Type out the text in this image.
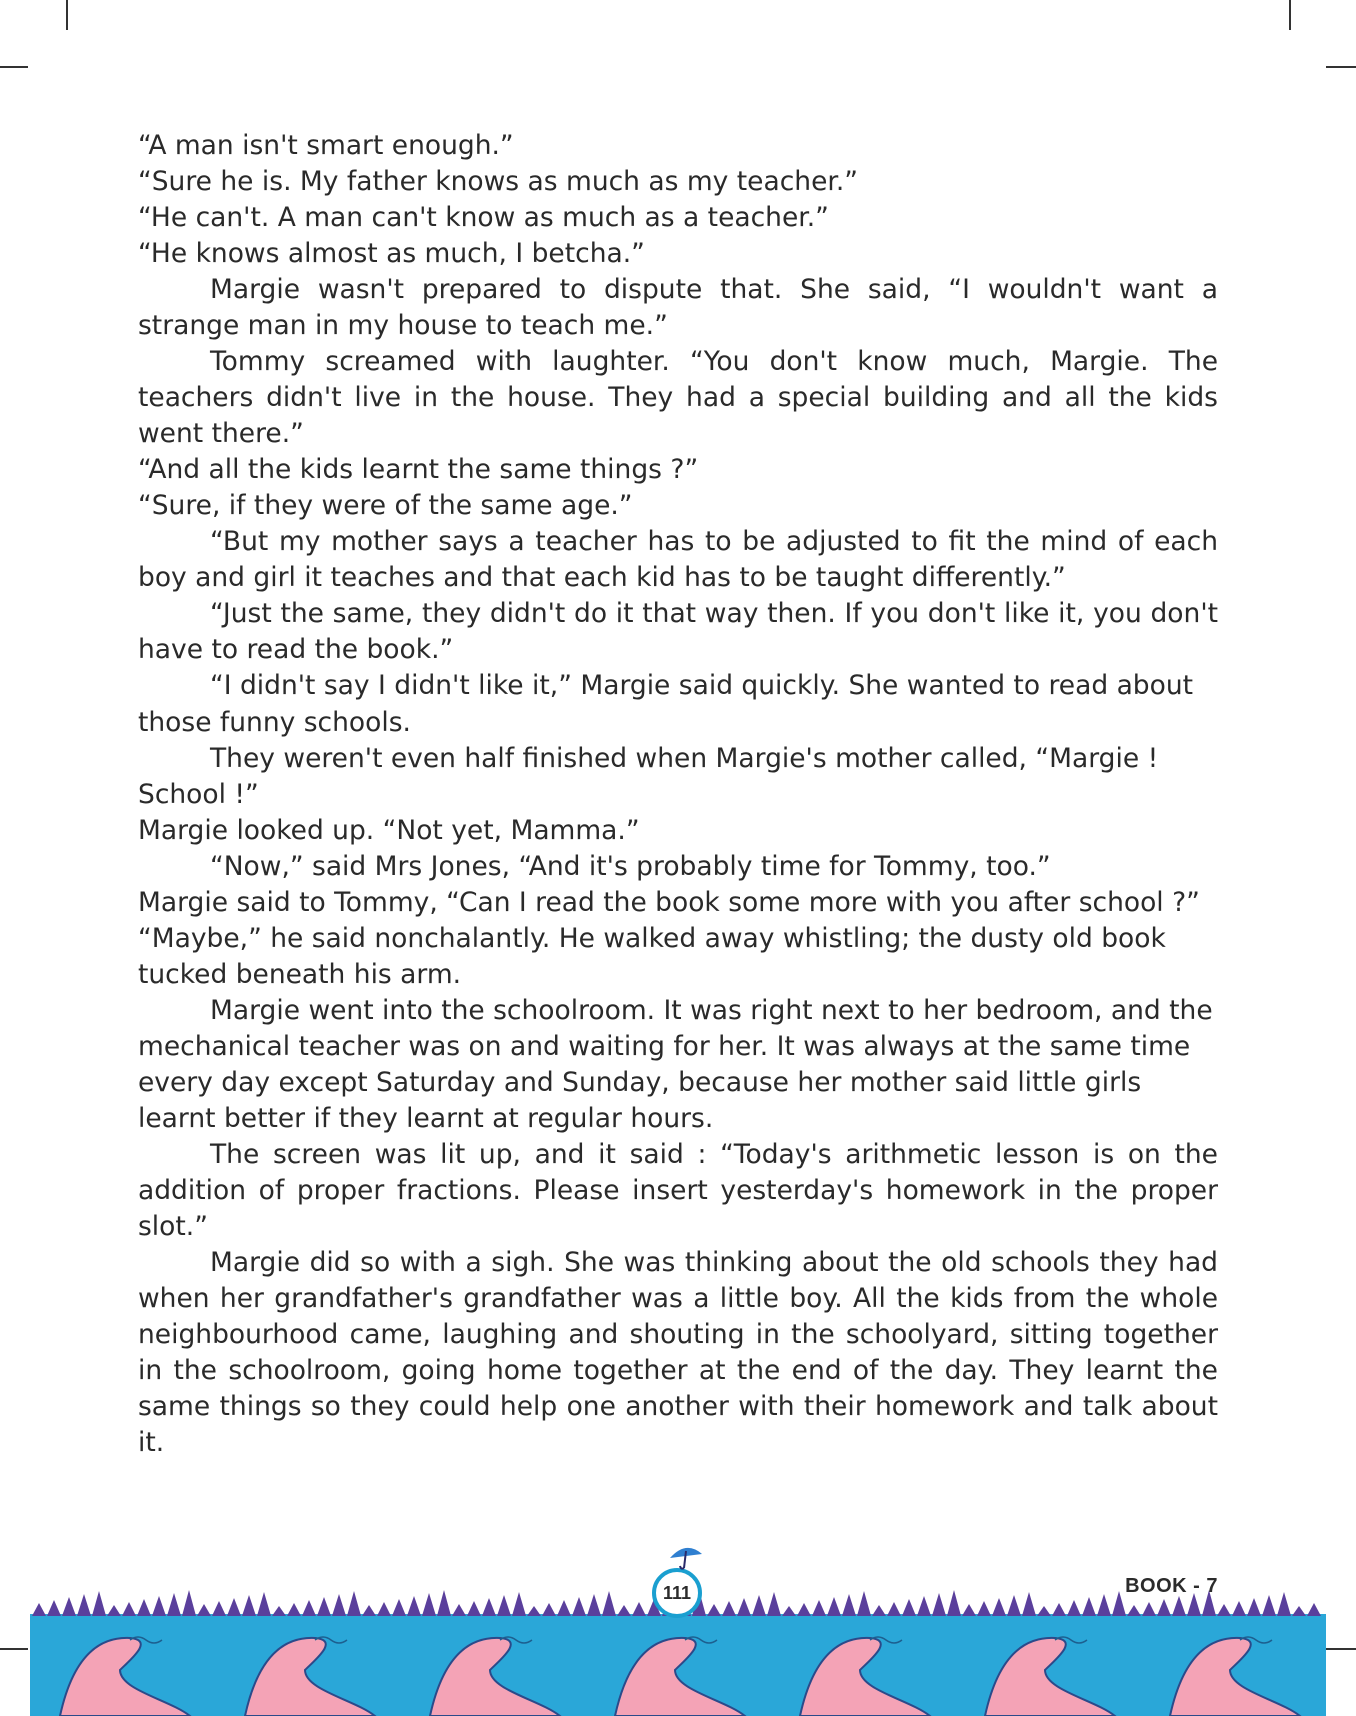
“A man isn't smart enough.”

“Sure he is. My father knows as much as my teacher.”

“He can't. A man can't know as much as a teacher.”

“He knows almost as much, I betcha.”

Margie wasn't prepared to dispute that. She said, “I wouldn't want a strange man in my house to teach me.”

Tommy screamed with laughter. “You don't know much, Margie. The teachers didn't live in the house. They had a special building and all the kids went there.”

“And all the kids learnt the same things ?”

“Sure, if they were of the same age.”

“But my mother says a teacher has to be adjusted to fit the mind of each boy and girl it teaches and that each kid has to be taught differently.”

“Just the same, they didn't do it that way then. If you don't like it, you don't have to read the book.”

“I didn't say I didn't like it,” Margie said quickly. She wanted to read about those funny schools.

They weren't even half finished when Margie's mother called, “Margie ! School !”

Margie looked up. “Not yet, Mamma.”

“Now,” said Mrs Jones, “And it's probably time for Tommy, too.”

Margie said to Tommy, “Can I read the book some more with you after school ?”

“Maybe,” he said nonchalantly. He walked away whistling; the dusty old book tucked beneath his arm.

Margie went into the schoolroom. It was right next to her bedroom, and the mechanical teacher was on and waiting for her. It was always at the same time every day except Saturday and Sunday, because her mother said little girls learnt better if they learnt at regular hours.

The screen was lit up, and it said : “Today's arithmetic lesson is on the addition of proper fractions. Please insert yesterday's homework in the proper slot.”

Margie did so with a sigh. She was thinking about the old schools they had when her grandfather's grandfather was a little boy. All the kids from the whole neighbourhood came, laughing and shouting in the schoolyard, sitting together in the schoolroom, going home together at the end of the day. They learnt the same things so they could help one another with their homework and talk about it.

111	BOOK - 7
